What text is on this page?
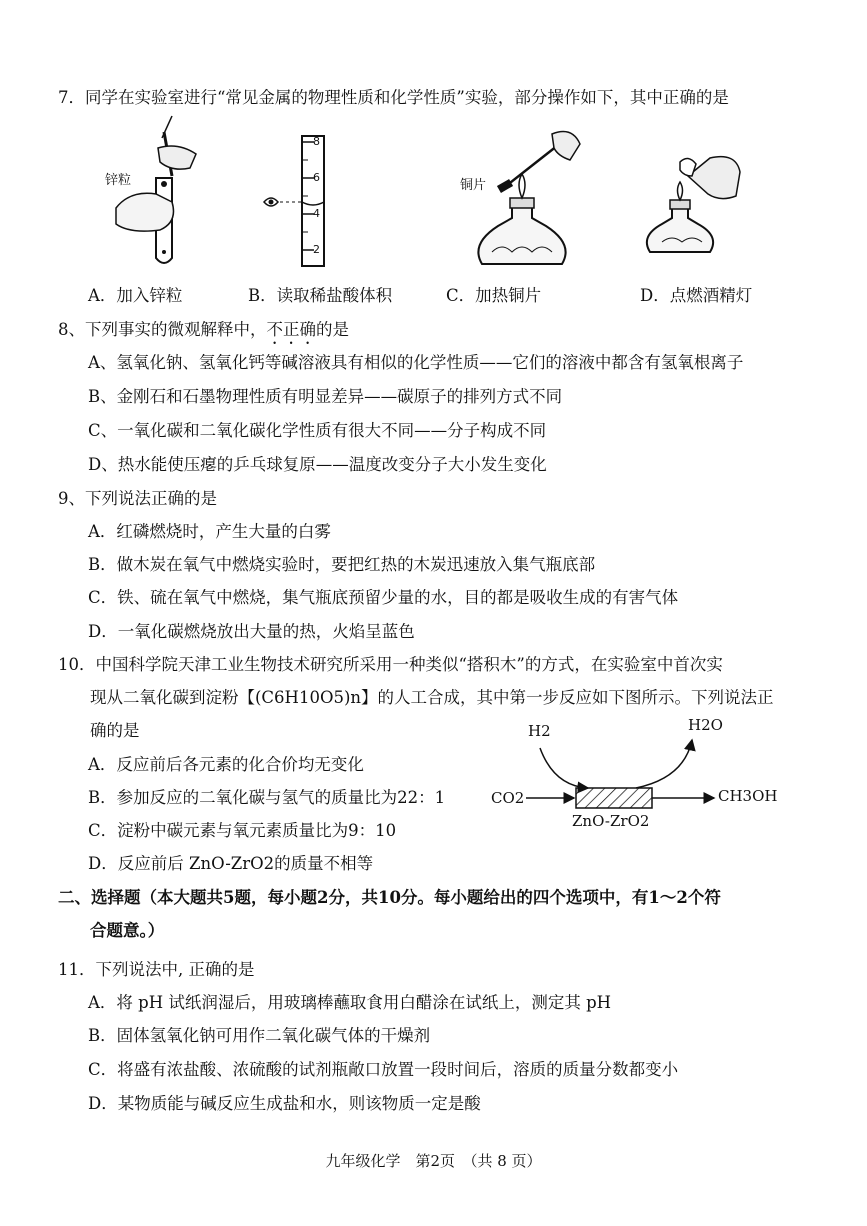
7．同学在实验室进行“常见金属的物理性质和化学性质”实验，部分操作如下，其中正确的是
锌粒
8
6
4
2
铜片
A．加入锌粒	B．读取稀盐酸体积	C．加热铜片	D．点燃酒精灯
8、下列事实的微观解释中，不正确的是
A、氢氧化钠、氢氧化钙等碱溶液具有相似的化学性质——它们的溶液中都含有氢氧根离子
B、金刚石和石墨物理性质有明显差异——碳原子的排列方式不同
C、一氧化碳和二氧化碳化学性质有很大不同——分子构成不同
D、热水能使压瘪的乒乓球复原——温度改变分子大小发生变化
9、下列说法正确的是
A．红磷燃烧时，产生大量的白雾
B．做木炭在氧气中燃烧实验时，要把红热的木炭迅速放入集气瓶底部
C．铁、硫在氧气中燃烧，集气瓶底预留少量的水，目的都是吸收生成的有害气体
D．一氧化碳燃烧放出大量的热，火焰呈蓝色
10．中国科学院天津工业生物技术研究所采用一种类似“搭积木”的方式，在实验室中首次实
现从二氧化碳到淀粉【(C6H10O5)n】的人工合成，其中第一步反应如下图所示。下列说法正
确的是	H2	H2O
CO2	CH3OH
ZnO-ZrO2
A．反应前后各元素的化合价均无变化
B．参加反应的二氧化碳与氢气的质量比为22：1
C．淀粉中碳元素与氧元素质量比为9：10
D．反应前后 ZnO-ZrO2的质量不相等
二、选择题（本大题共5题，每小题2分，共10分。每小题给出的四个选项中，有1～2个符
合题意。）
11．下列说法中, 正确的是
A．将 pH 试纸润湿后，用玻璃棒蘸取食用白醋涂在试纸上，测定其 pH
B．固体氢氧化钠可用作二氧化碳气体的干燥剂
C．将盛有浓盐酸、浓硫酸的试剂瓶敞口放置一段时间后，溶质的质量分数都变小
D．某物质能与碱反应生成盐和水，则该物质一定是酸
九年级化学　第2页　（共 8 页）
